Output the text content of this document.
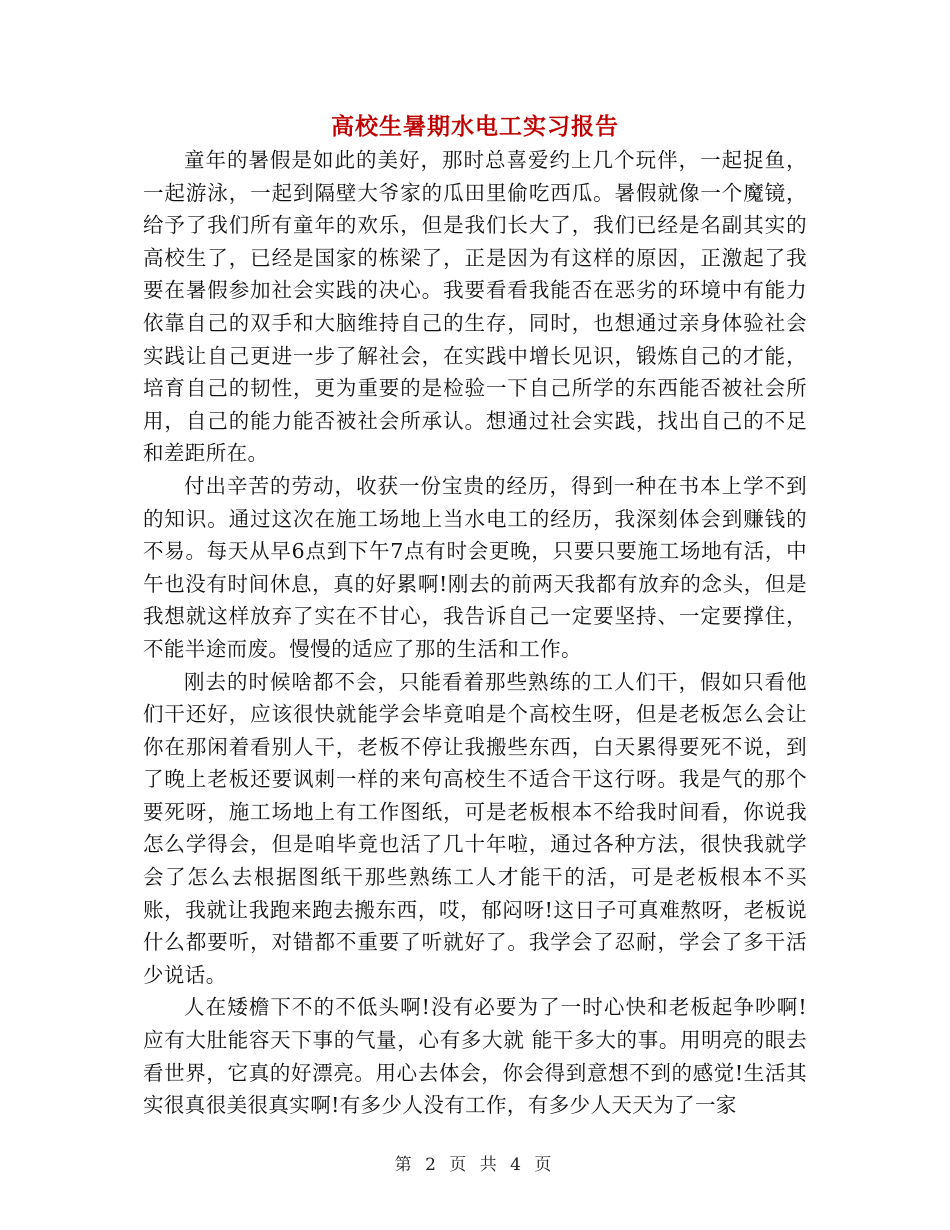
高校生暑期水电工实习报告

童年的暑假是如此的美好，那时总喜爱约上几个玩伴，一起捉鱼，一起游泳，一起到隔壁大爷家的瓜田里偷吃西瓜。暑假就像一个魔镜，给予了我们所有童年的欢乐，但是我们长大了，我们已经是名副其实的高校生了，已经是国家的栋梁了，正是因为有这样的原因，正激起了我要在暑假参加社会实践的决心。我要看看我能否在恶劣的环境中有能力依靠自己的双手和大脑维持自己的生存，同时，也想通过亲身体验社会实践让自己更进一步了解社会，在实践中增长见识，锻炼自己的才能，培育自己的韧性，更为重要的是检验一下自己所学的东西能否被社会所用，自己的能力能否被社会所承认。想通过社会实践，找出自己的不足和差距所在。

付出辛苦的劳动，收获一份宝贵的经历，得到一种在书本上学不到的知识。通过这次在施工场地上当水电工的经历，我深刻体会到赚钱的不易。每天从早6点到下午7点有时会更晚，只要只要施工场地有活，中午也没有时间休息，真的好累啊!刚去的前两天我都有放弃的念头，但是我想就这样放弃了实在不甘心，我告诉自己一定要坚持、一定要撑住，不能半途而废。慢慢的适应了那的生活和工作。

刚去的时候啥都不会，只能看着那些熟练的工人们干，假如只看他们干还好，应该很快就能学会毕竟咱是个高校生呀，但是老板怎么会让你在那闲着看别人干，老板不停让我搬些东西，白天累得要死不说，到了晚上老板还要讽刺一样的来句高校生不适合干这行呀。我是气的那个要死呀，施工场地上有工作图纸，可是老板根本不给我时间看，你说我怎么学得会，但是咱毕竟也活了几十年啦，通过各种方法，很快我就学会了怎么去根据图纸干那些熟练工人才能干的活，可是老板根本不买账，我就让我跑来跑去搬东西，哎，郁闷呀!这日子可真难熬呀，老板说什么都要听，对错都不重要了听就好了。我学会了忍耐，学会了多干活少说话。

人在矮檐下不的不低头啊!没有必要为了一时心快和老板起争吵啊!应有大肚能容天下事的气量，心有多大就 能干多大的事。用明亮的眼去看世界，它真的好漂亮。用心去体会，你会得到意想不到的感觉!生活其实很真很美很真实啊!有多少人没有工作，有多少人天天为了一家

第 2 页 共 4 页
